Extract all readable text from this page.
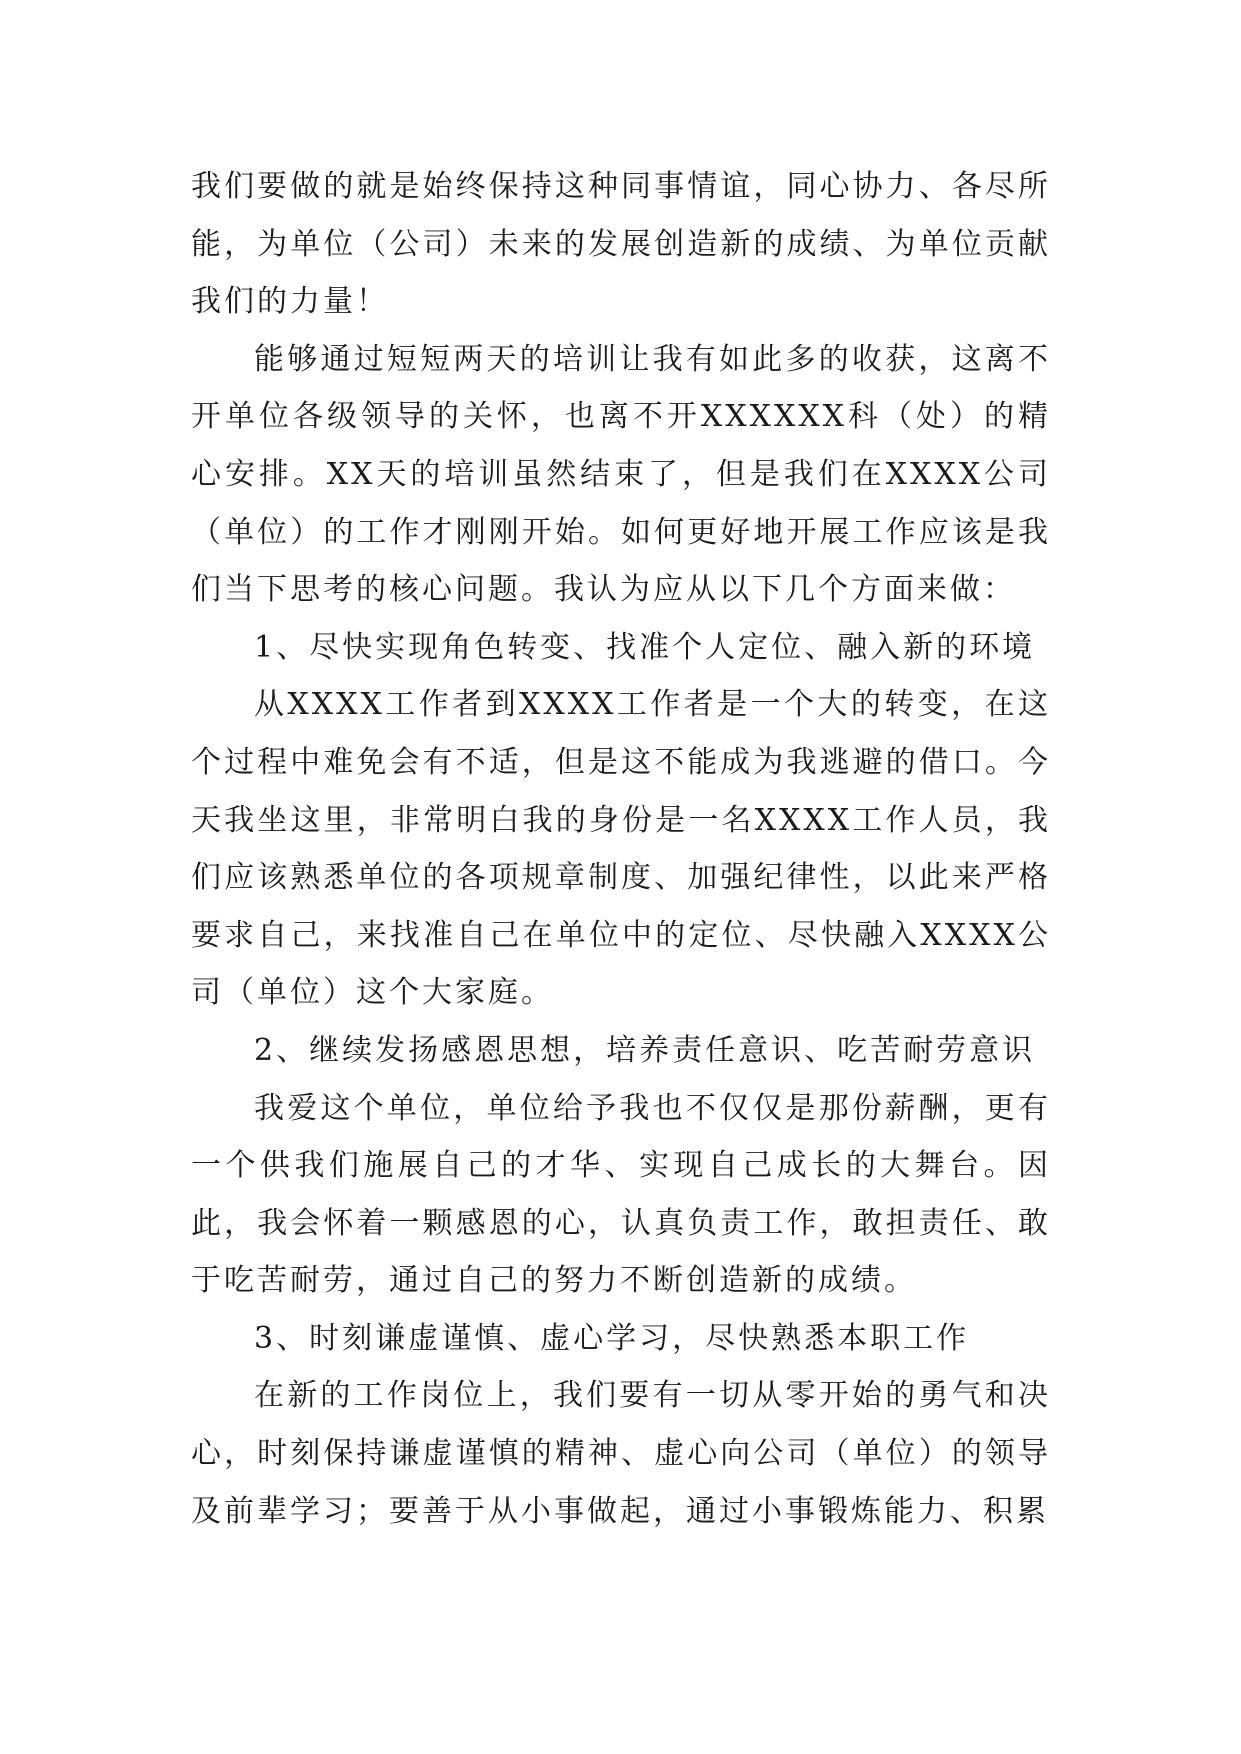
我们要做的就是始终保持这种同事情谊，同心协力、各尽所能，为单位（公司）未来的发展创造新的成绩、为单位贡献我们的力量！

能够通过短短两天的培训让我有如此多的收获，这离不开单位各级领导的关怀，也离不开XXXXXX科（处）的精心安排。XX天的培训虽然结束了，但是我们在XXXX公司（单位）的工作才刚刚开始。如何更好地开展工作应该是我们当下思考的核心问题。我认为应从以下几个方面来做：

1、尽快实现角色转变、找准个人定位、融入新的环境

从XXXX工作者到XXXX工作者是一个大的转变，在这个过程中难免会有不适，但是这不能成为我逃避的借口。今天我坐这里，非常明白我的身份是一名XXXX工作人员，我们应该熟悉单位的各项规章制度、加强纪律性，以此来严格要求自己，来找准自己在单位中的定位、尽快融入XXXX公司（单位）这个大家庭。

2、继续发扬感恩思想，培养责任意识、吃苦耐劳意识

我爱这个单位，单位给予我也不仅仅是那份薪酬，更有一个供我们施展自己的才华、实现自己成长的大舞台。因此，我会怀着一颗感恩的心，认真负责工作，敢担责任、敢于吃苦耐劳，通过自己的努力不断创造新的成绩。

3、时刻谦虚谨慎、虚心学习，尽快熟悉本职工作

在新的工作岗位上，我们要有一切从零开始的勇气和决心，时刻保持谦虚谨慎的精神、虚心向公司（单位）的领导及前辈学习；要善于从小事做起，通过小事锻炼能力、积累
